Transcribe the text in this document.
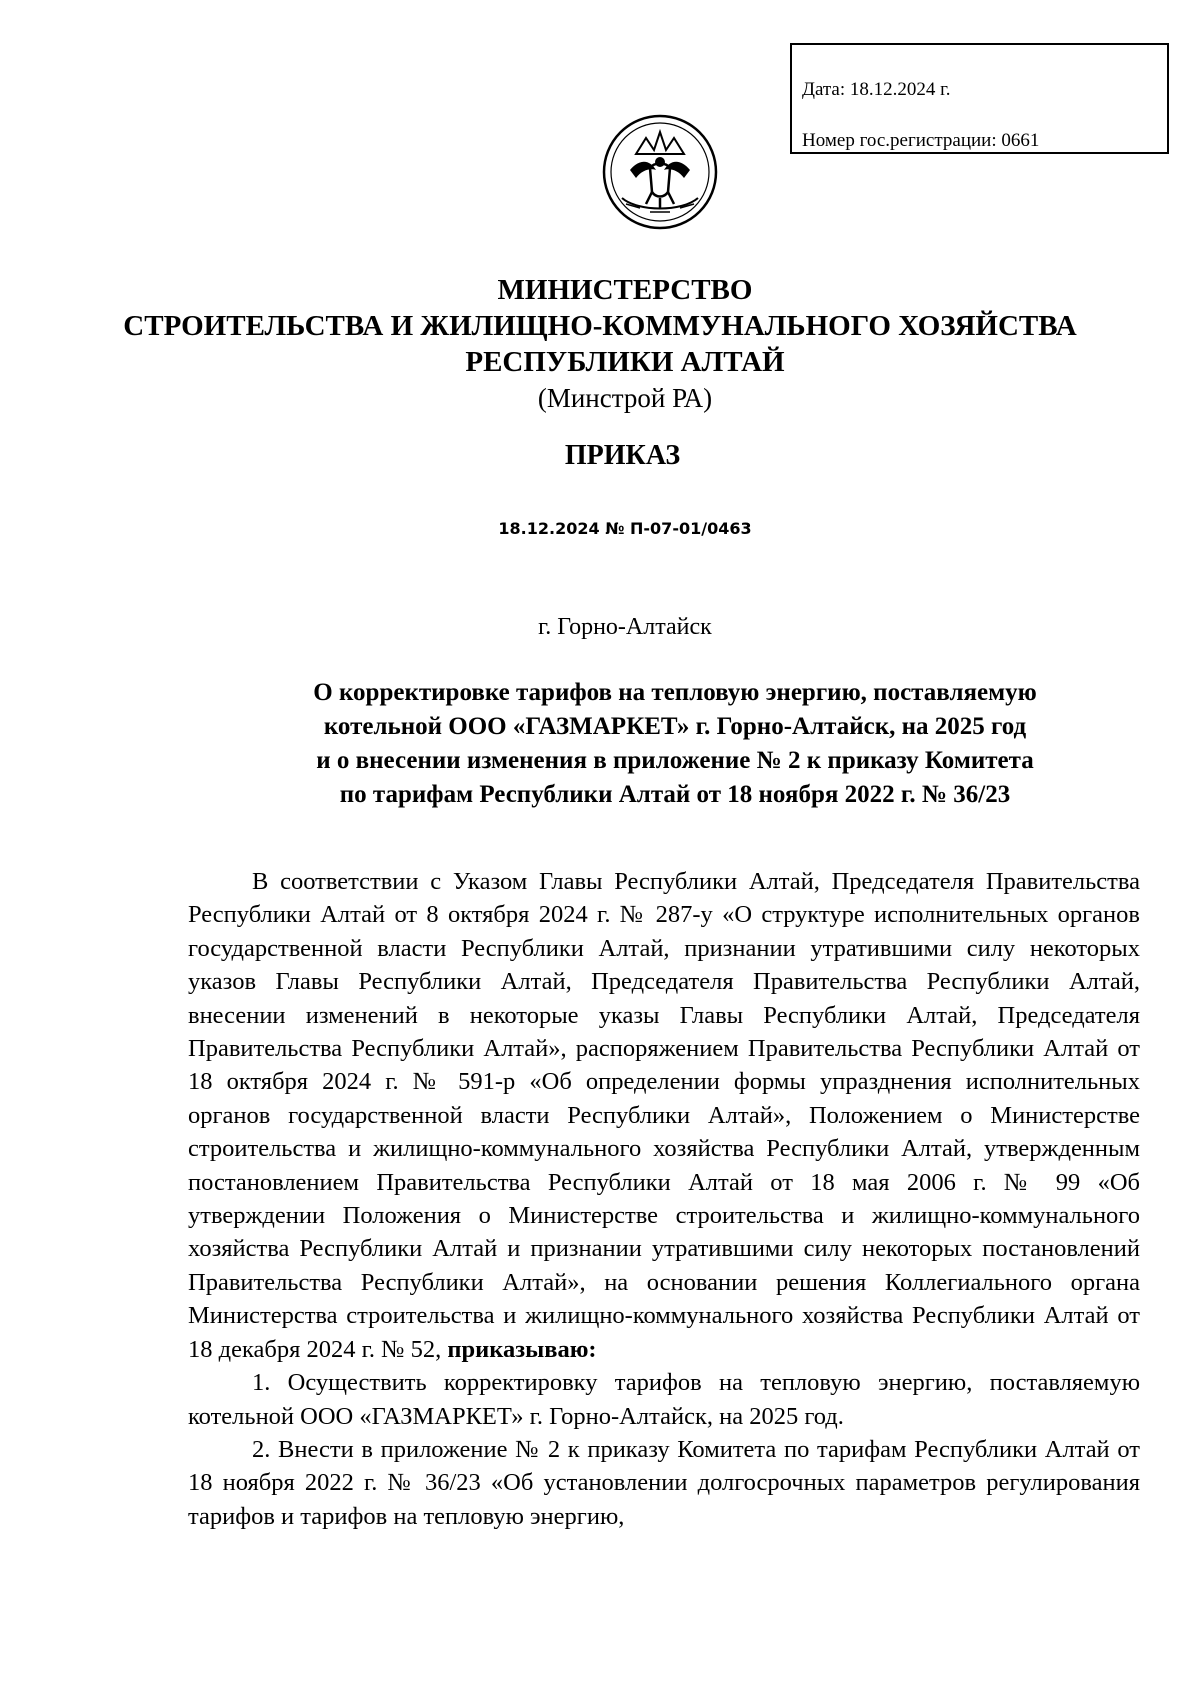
Дата: 18.12.2024 г.
Номер гос.регистрации: 0661
МИНИСТЕРСТВО
СТРОИТЕЛЬСТВА И ЖИЛИЩНО-КОММУНАЛЬНОГО ХОЗЯЙСТВА
РЕСПУБЛИКИ АЛТАЙ
(Минстрой РА)
ПРИКАЗ
18.12.2024 № П-07-01/0463
г. Горно-Алтайск
О корректировке тарифов на тепловую энергию, поставляемую
котельной ООО «ГАЗМАРКЕТ» г. Горно-Алтайск, на 2025 год
и о внесении изменения в приложение № 2 к приказу Комитета
по тарифам Республики Алтай от 18 ноября 2022 г. № 36/23

В соответствии с Указом Главы Республики Алтай, Председателя Правительства Республики Алтай от 8 октября 2024 г. № 287-у «О структуре исполнительных органов государственной власти Республики Алтай, признании утратившими силу некоторых указов Главы Республики Алтай, Председателя Правительства Республики Алтай, внесении изменений в некоторые указы Главы Республики Алтай, Председателя Правительства Республики Алтай», распоряжением Правительства Республики Алтай от 18 октября 2024 г. № 591-р «Об определении формы упразднения исполнительных органов государственной власти Республики Алтай», Положением о Министерстве строительства и жилищно-коммунального хозяйства Республики Алтай, утвержденным постановлением Правительства Республики Алтай от 18 мая 2006 г. № 99 «Об утверждении Положения о Министерстве строительства и жилищно-коммунального хозяйства Республики Алтай и признании утратившими силу некоторых постановлений Правительства Республики Алтай», на основании решения Коллегиального органа Министерства строительства и жилищно-коммунального хозяйства Республики Алтай от 18 декабря 2024 г. № 52, приказываю:

1. Осуществить корректировку тарифов на тепловую энергию, поставляемую котельной ООО «ГАЗМАРКЕТ» г. Горно-Алтайск, на 2025 год.

2. Внести в приложение № 2 к приказу Комитета по тарифам Республики Алтай от 18 ноября 2022 г. № 36/23 «Об установлении долгосрочных параметров регулирования тарифов и тарифов на тепловую энергию,
